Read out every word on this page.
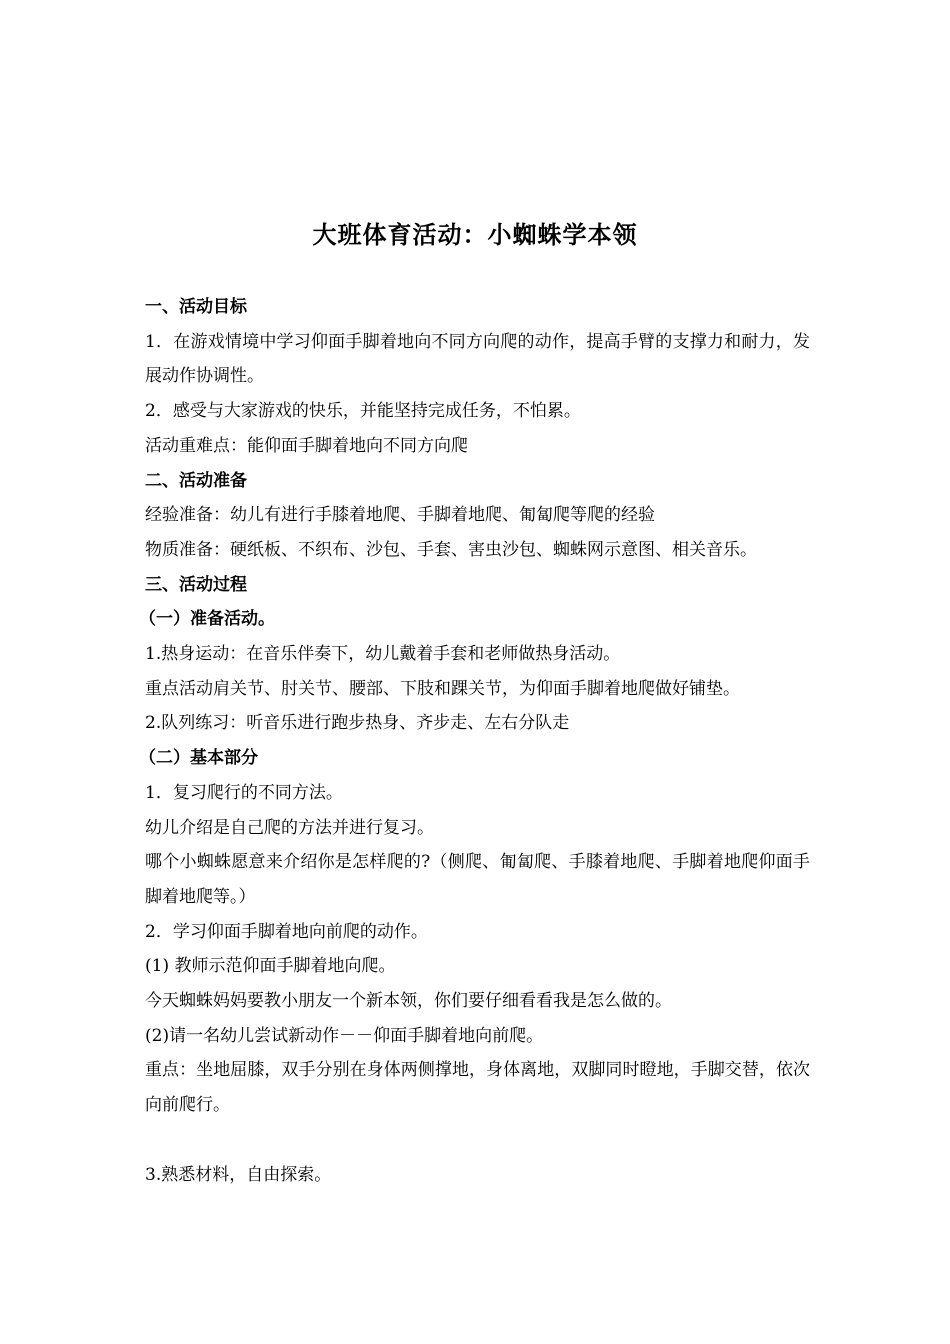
大班体育活动：小蜘蛛学本领
一、活动目标
1．在游戏情境中学习仰面手脚着地向不同方向爬的动作，提高手臂的支撑力和耐力，发展动作协调性。
2．感受与大家游戏的快乐，并能坚持完成任务，不怕累。
活动重难点：能仰面手脚着地向不同方向爬
二、活动准备
经验准备：幼儿有进行手膝着地爬、手脚着地爬、匍匐爬等爬的经验
物质准备：硬纸板、不织布、沙包、手套、害虫沙包、蜘蛛网示意图、相关音乐。
三、活动过程
（一）准备活动。
1.热身运动：在音乐伴奏下，幼儿戴着手套和老师做热身活动。
重点活动肩关节、肘关节、腰部、下肢和踝关节，为仰面手脚着地爬做好铺垫。
2.队列练习：听音乐进行跑步热身、齐步走、左右分队走
（二）基本部分
1．复习爬行的不同方法。
幼儿介绍是自己爬的方法并进行复习。
哪个小蜘蛛愿意来介绍你是怎样爬的?（侧爬、匍匐爬、手膝着地爬、手脚着地爬仰面手脚着地爬等。）
2．学习仰面手脚着地向前爬的动作。
(1) 教师示范仰面手脚着地向爬。
今天蜘蛛妈妈要教小朋友一个新本领，你们要仔细看看我是怎么做的。
(2)请一名幼儿尝试新动作－－仰面手脚着地向前爬。
重点：坐地屈膝，双手分别在身体两侧撑地，身体离地，双脚同时瞪地，手脚交替，依次向前爬行。
3.熟悉材料，自由探索。
